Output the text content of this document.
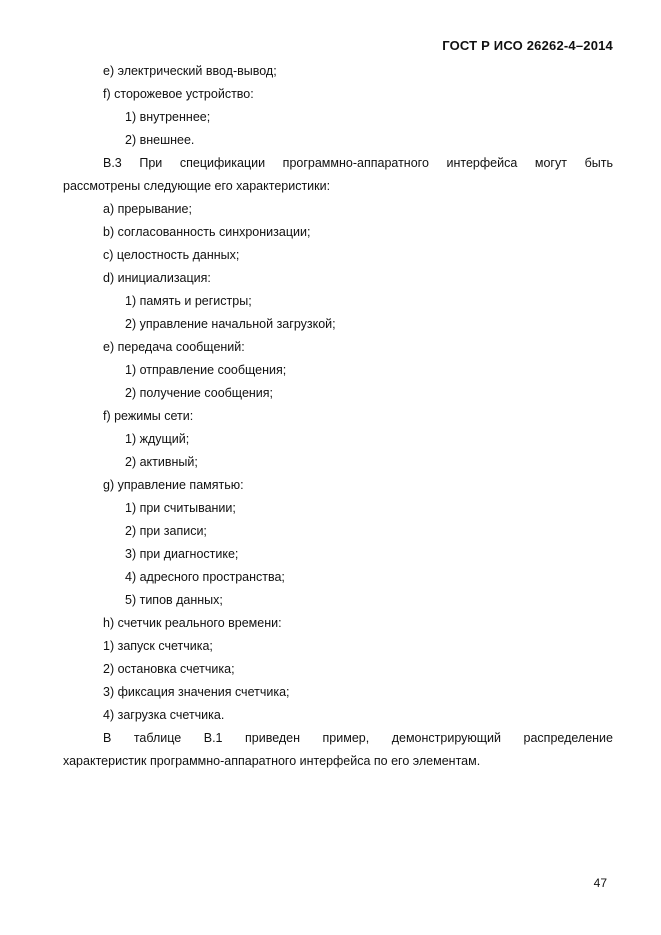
ГОСТ Р ИСО 26262-4–2014
e) электрический ввод-вывод;
f) сторожевое устройство:
1) внутреннее;
2) внешнее.
В.3 При спецификации программно-аппаратного интерфейса могут быть
рассмотрены следующие его характеристики:
a) прерывание;
b) согласованность синхронизации;
c) целостность данных;
d) инициализация:
1) память и регистры;
2) управление начальной загрузкой;
e) передача сообщений:
1) отправление сообщения;
2) получение сообщения;
f) режимы сети:
1) ждущий;
2) активный;
g) управление памятью:
1) при считывании;
2) при записи;
3) при диагностике;
4) адресного пространства;
5) типов данных;
h) счетчик реального времени:
1) запуск счетчика;
2) остановка счетчика;
3) фиксация значения счетчика;
4) загрузка счетчика.
В таблице В.1 приведен пример, демонстрирующий распределение
характеристик программно-аппаратного интерфейса по его элементам.
47
